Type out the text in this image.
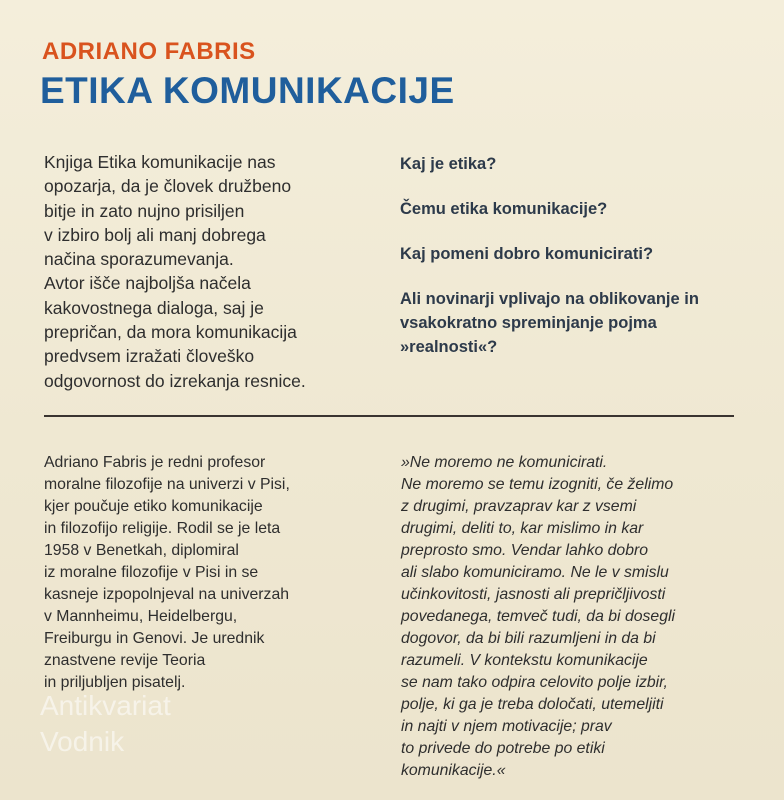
ADRIANO FABRIS
ETIKA KOMUNIKACIJE
Knjiga Etika komunikacije nas
opozarja, da je človek družbeno
bitje in zato nujno prisiljen
v izbiro bolj ali manj dobrega
načina sporazumevanja.
Avtor išče najboljša načela
kakovostnega dialoga, saj je
prepričan, da mora komunikacija
predvsem izražati človeško
odgovornost do izrekanja resnice.

Kaj je etika?

Čemu etika komunikacije?

Kaj pomeni dobro komunicirati?

Ali novinarji vplivajo na oblikovanje in vsakokratno spreminjanje pojma »realnosti«?

Adriano Fabris je redni profesor
moralne filozofije na univerzi v Pisi,
kjer poučuje etiko komunikacije
in filozofijo religije. Rodil se je leta
1958 v Benetkah, diplomiral
iz moralne filozofije v Pisi in se
kasneje izpopolnjeval na univerzah
v Mannheimu, Heidelbergu,
Freiburgu in Genovi. Je urednik
znastvene revije Teoria
in priljubljen pisatelj.
»Ne moremo ne komunicirati.
Ne moremo se temu izogniti, če želimo
z drugimi, pravzaprav kar z vsemi
drugimi, deliti to, kar mislimo in kar
preprosto smo. Vendar lahko dobro
ali slabo komuniciramo. Ne le v smislu
učinkovitosti, jasnosti ali prepričljivosti
povedanega, temveč tudi, da bi dosegli
dogovor, da bi bili razumljeni in da bi
razumeli. V kontekstu komunikacije
se nam tako odpira celovito polje izbir,
polje, ki ga je treba določati, utemeljiti
in najti v njem motivacije; prav
to privede do potrebe po etiki
komunikacije.«
Antikvariat
Vodnik
